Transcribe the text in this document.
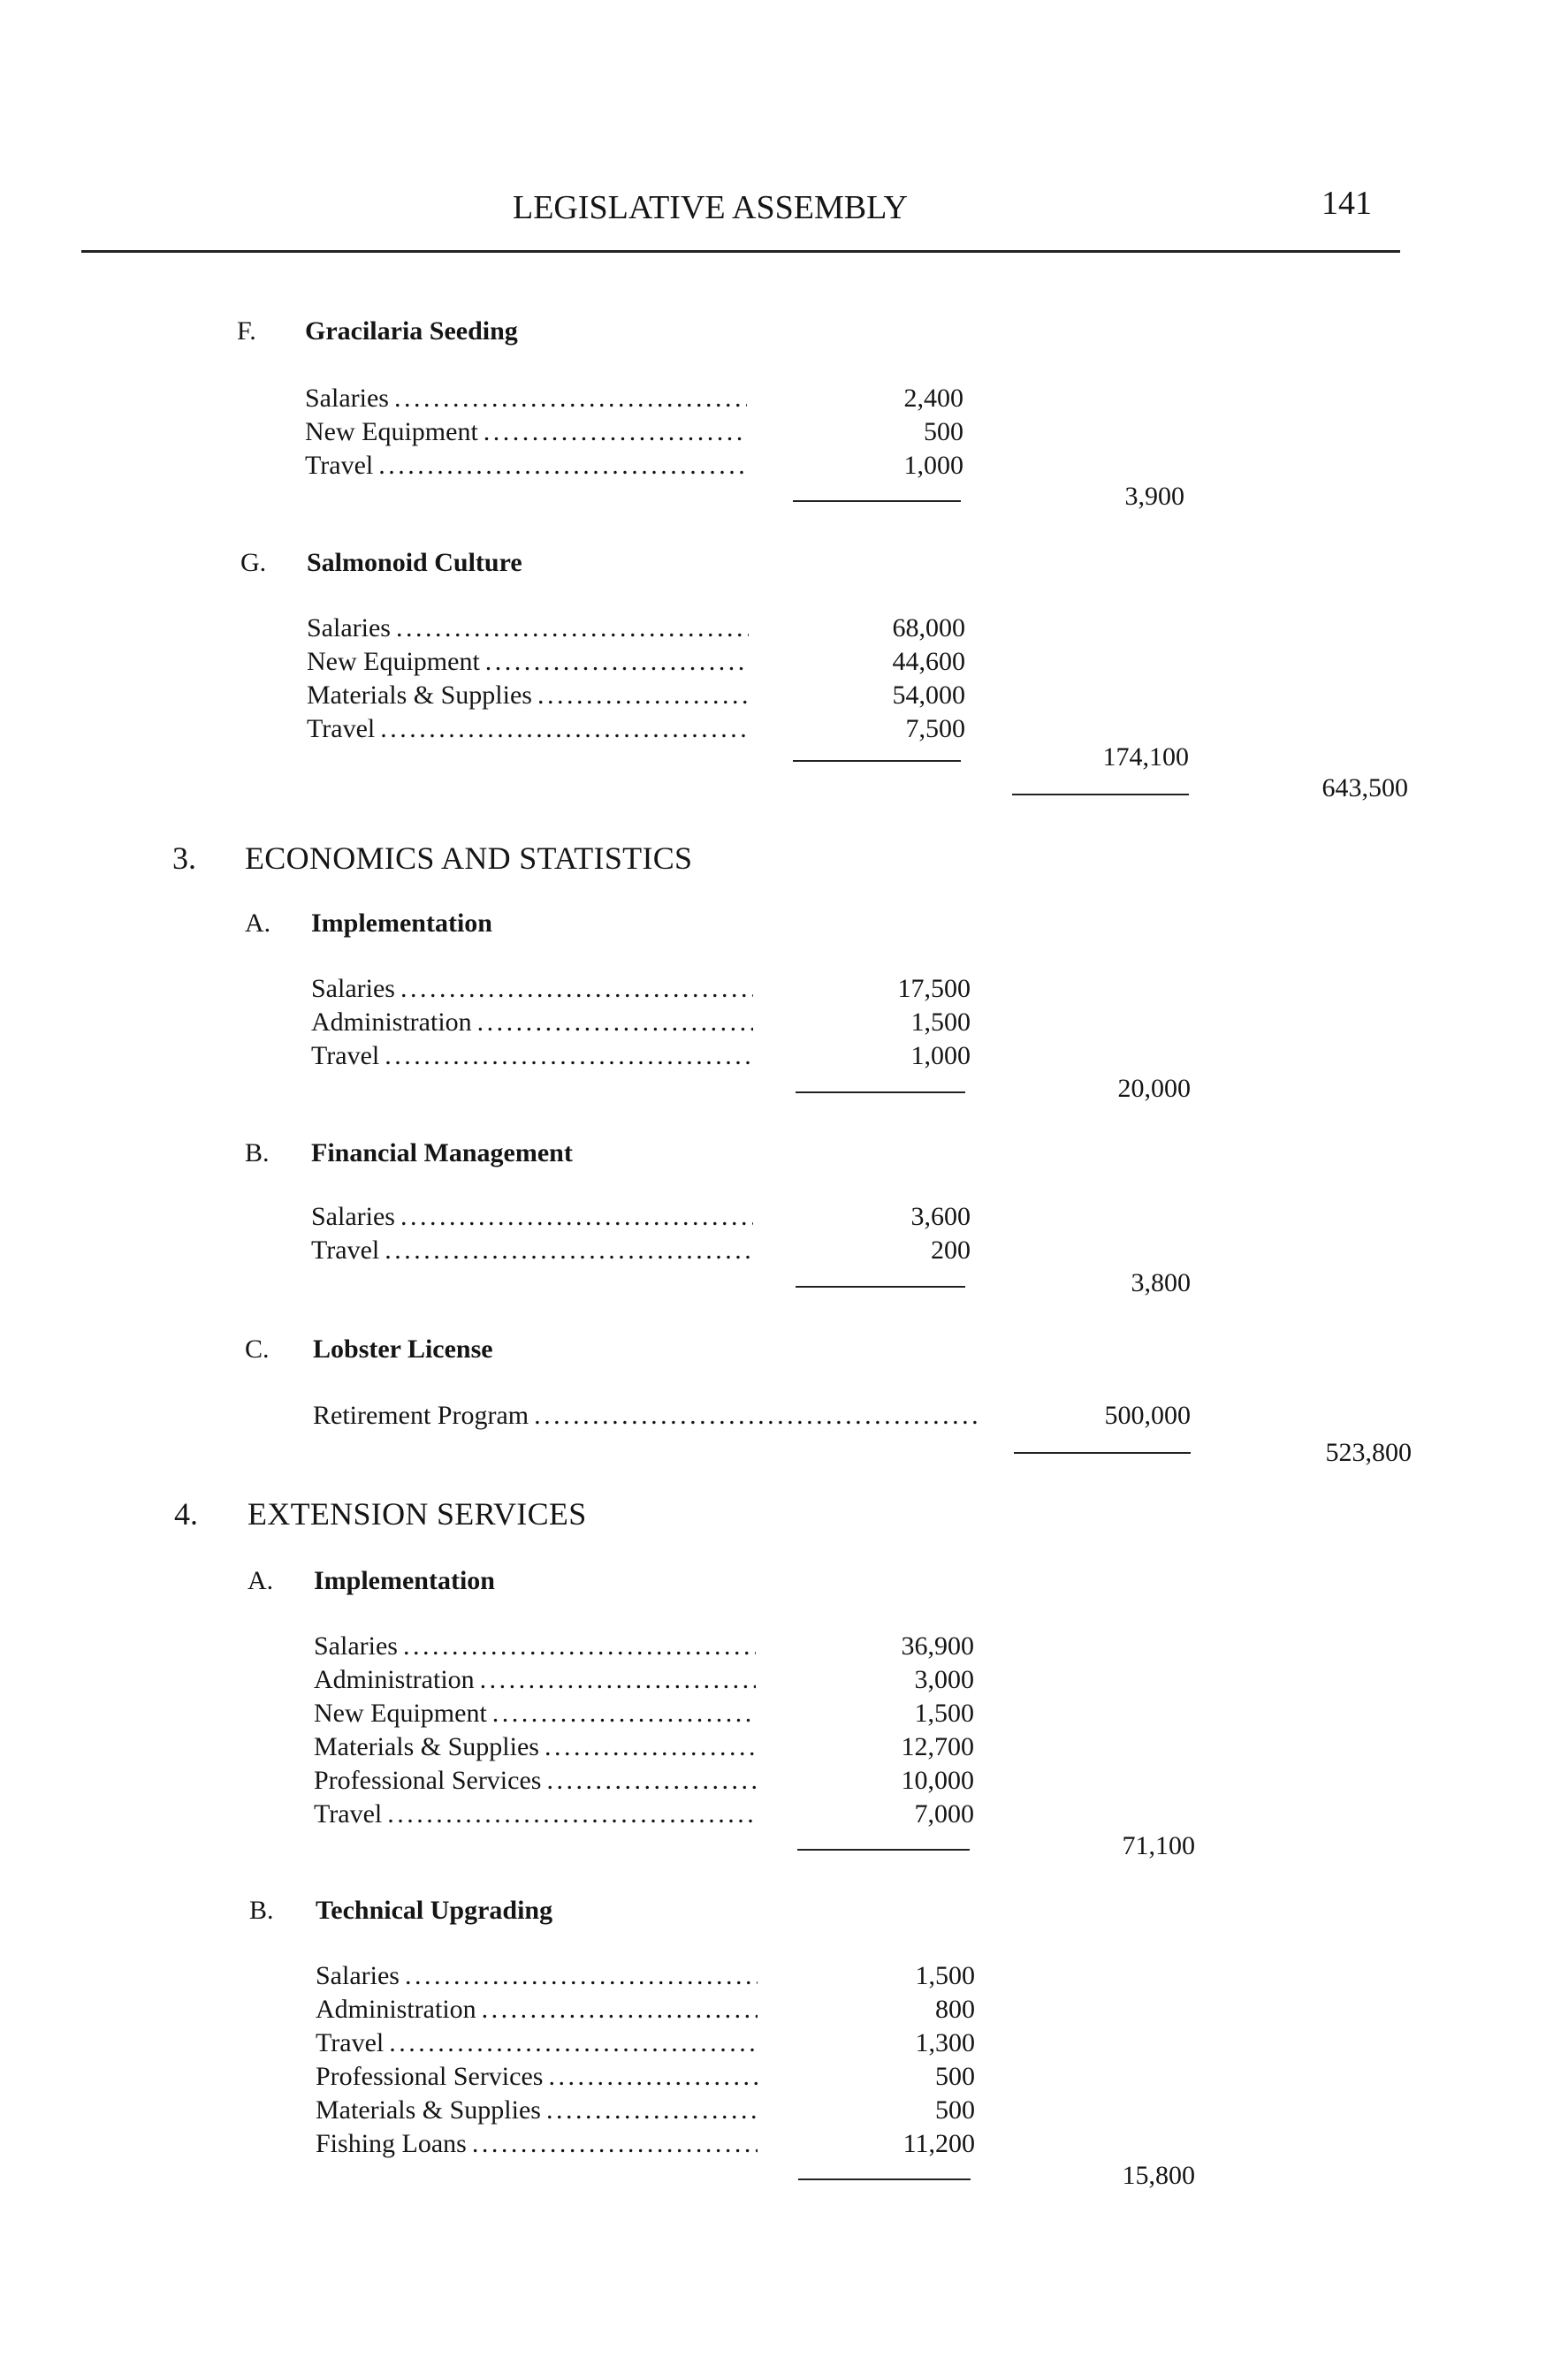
LEGISLATIVE ASSEMBLY	141
F. Gracilaria Seeding
Salaries . . .	2,400
New Equipment . . .	500
Travel . . .	1,000
3,900
G. Salmonoid Culture
Salaries . . .	68,000
New Equipment . . .	44,600
Materials & Supplies . . .	54,000
Travel . . .	7,500
174,100
643,500
3. ECONOMICS AND STATISTICS
A. Implementation
Salaries . . .	17,500
Administration . . .	1,500
Travel . . .	1,000
20,000
B. Financial Management
Salaries . . .	3,600
Travel . . .	200
3,800
C. Lobster License
Retirement Program . . .	500,000
523,800
4. EXTENSION SERVICES
A. Implementation
Salaries . . .	36,900
Administration . . .	3,000
New Equipment . . .	1,500
Materials & Supplies . . .	12,700
Professional Services . . .	10,000
Travel . . .	7,000
71,100
B. Technical Upgrading
Salaries . . .	1,500
Administration . . .	800
Travel . . .	1,300
Professional Services . . .	500
Materials & Supplies . . .	500
Fishing Loans . . .	11,200
15,800
